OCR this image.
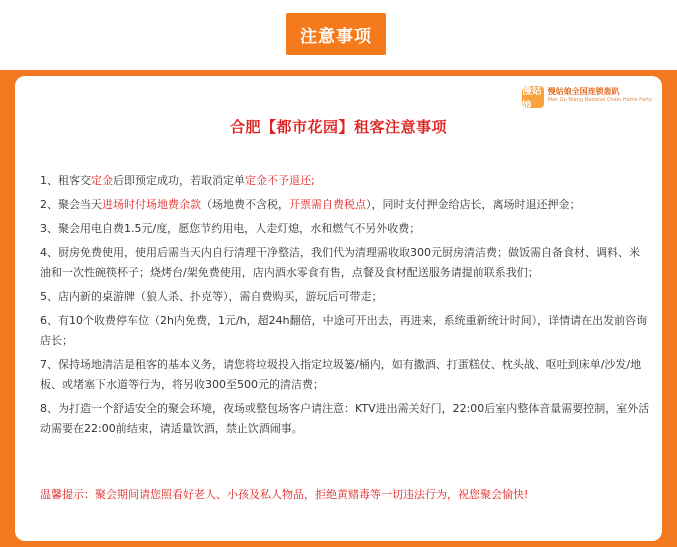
注意事项
慢姑娘
慢姑娘全国连锁轰趴
Man Gu Niang National Chain Home Party
合肥【都市花园】租客注意事项
1、租客交定金后即预定成功，若取消定单定金不予退还;
2、聚会当天进场时付场地费余款（场地费不含税，开票需自费税点），同时支付押金给店长，离场时退还押金；
3、聚会用电自费1.5元/度，愿您节约用电，人走灯熄，水和燃气不另外收费；
4、厨房免费使用，使用后需当天内自行清理干净整洁，我们代为清理需收取300元厨房清洁费；做饭需自备食材、调料、米油和一次性碗筷杯子；烧烤台/架免费使用，店内酒水零食有售，点餐及食材配送服务请提前联系我们；
5、店内新的桌游牌（狼人杀、扑克等），需自费购买，游玩后可带走；
6、有10个收费停车位（2h内免费，1元/h，超24h翻倍，中途可开出去，再进来，系统重新统计时间），详情请在出发前咨询店长；
7、保持场地清洁是租客的基本义务，请您将垃圾投入指定垃圾篓/桶内，如有撒酒、打蛋糕仗、枕头战、呕吐到床单/沙发/地板、或堵塞下水道等行为，将另收300至500元的清洁费；
8、为打造一个舒适安全的聚会环境，夜场或整包场客户请注意：KTV进出需关好门，22:00后室内整体音量需要控制，室外活动需要在22:00前结束，请适量饮酒，禁止饮酒闹事。
温馨提示：聚会期间请您照看好老人、小孩及私人物品，拒绝黄赌毒等一切违法行为，祝您聚会愉快!
